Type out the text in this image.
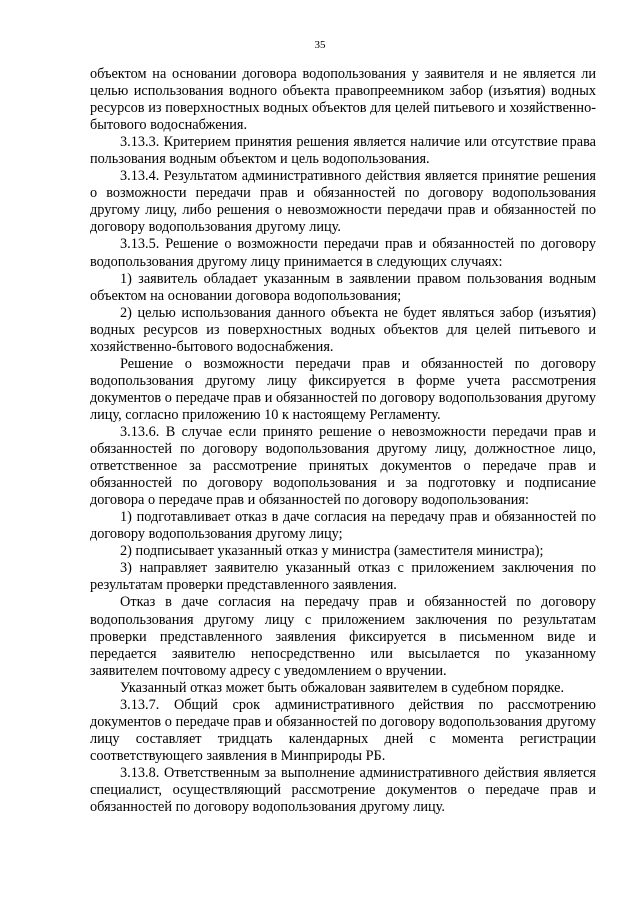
35

объектом на основании договора водопользования у заявителя и не является ли целью использования водного объекта правопреемником забор (изъятия) водных ресурсов из поверхностных водных объектов для целей питьевого и хозяйственно-бытового водоснабжения.

3.13.3. Критерием принятия решения является наличие или отсутствие права пользования водным объектом и цель водопользования.

3.13.4. Результатом административного действия является принятие решения о возможности передачи прав и обязанностей по договору водопользования другому лицу, либо решения о невозможности передачи прав и обязанностей по договору водопользования другому лицу.

3.13.5. Решение о возможности передачи прав и обязанностей по договору водопользования другому лицу принимается в следующих случаях:

1) заявитель обладает указанным в заявлении правом пользования водным объектом на основании договора водопользования;

2) целью использования данного объекта не будет являться забор (изъятия) водных ресурсов из поверхностных водных объектов для целей питьевого и хозяйственно-бытового водоснабжения.

Решение о возможности передачи прав и обязанностей по договору водопользования другому лицу фиксируется в форме учета рассмотрения документов о передаче прав и обязанностей по договору водопользования другому лицу, согласно приложению 10 к настоящему Регламенту.

3.13.6. В случае если принято решение о невозможности передачи прав и обязанностей по договору водопользования другому лицу, должностное лицо, ответственное за рассмотрение принятых документов о передаче прав и обязанностей по договору водопользования и за подготовку и подписание договора о передаче прав и обязанностей по договору водопользования:

1) подготавливает отказ в даче согласия на передачу прав и обязанностей по договору водопользования другому лицу;

2) подписывает указанный отказ у министра (заместителя министра);

3) направляет заявителю указанный отказ с приложением заключения по результатам проверки представленного заявления.

Отказ в даче согласия на передачу прав и обязанностей по договору водопользования другому лицу с приложением заключения по результатам проверки представленного заявления фиксируется в письменном виде и передается заявителю непосредственно или высылается по указанному заявителем почтовому адресу с уведомлением о вручении.

Указанный отказ может быть обжалован заявителем в судебном порядке.

3.13.7. Общий срок административного действия по рассмотрению документов о передаче прав и обязанностей по договору водопользования другому лицу составляет тридцать календарных дней с момента регистрации соответствующего заявления в Минприроды РБ.

3.13.8. Ответственным за выполнение административного действия является специалист, осуществляющий рассмотрение документов о передаче прав и обязанностей по договору водопользования другому лицу.
